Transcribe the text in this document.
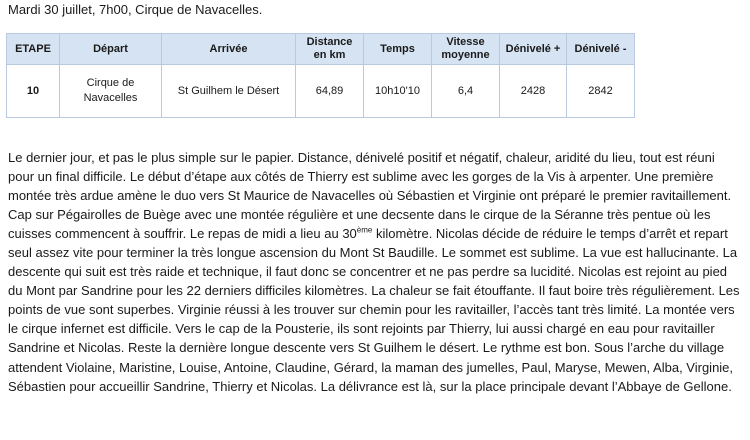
Mardi 30 juillet, 7h00, Cirque de Navacelles.
ETAPE	Départ	Arrivée	Distance en km	Temps	Vitesse moyenne	Dénivelé +	Dénivelé -
10	Cirque de Navacelles	St Guilhem le Désert	64,89	10h10'10	6,4	2428	2842

Le dernier jour, et pas le plus simple sur le papier. Distance, dénivelé positif et négatif, chaleur, aridité du lieu, tout est réuni pour un final difficile. Le début d’étape aux côtés de Thierry est sublime avec les gorges de la Vis à arpenter. Une première montée très ardue amène le duo vers St Maurice de Navacelles où Sébastien et Virginie ont préparé le premier ravitaillement. Cap sur Pégairolles de Buège avec une montée régulière et une decsente dans le cirque de la Séranne très pentue où les cuisses commencent à souffrir. Le repas de midi a lieu au 30ème kilomètre. Nicolas décide de réduire le temps d’arrêt et repart seul assez vite pour terminer la très longue ascension du Mont St Baudille. Le sommet est sublime. La vue est hallucinante. La descente qui suit est très raide et technique, il faut donc se concentrer et ne pas perdre sa lucidité. Nicolas est rejoint au pied du Mont par Sandrine pour les 22 derniers difficiles kilomètres. La chaleur se fait étouffante. Il faut boire très régulièrement. Les points de vue sont superbes. Virginie réussi à les trouver sur chemin pour les ravitailler, l’accès tant très limité. La montée vers le cirque infernet est difficile. Vers le cap de la Pousterie, ils sont rejoints par Thierry, lui aussi chargé en eau pour ravitailler Sandrine et Nicolas. Reste la dernière longue descente vers St Guilhem le désert. Le rythme est bon. Sous l’arche du village attendent Violaine, Maristine, Louise, Antoine, Claudine, Gérard, la maman des jumelles, Paul, Maryse, Mewen, Alba, Virginie, Sébastien pour accueillir Sandrine, Thierry et Nicolas. La délivrance est là, sur la place principale devant l’Abbaye de Gellone.
